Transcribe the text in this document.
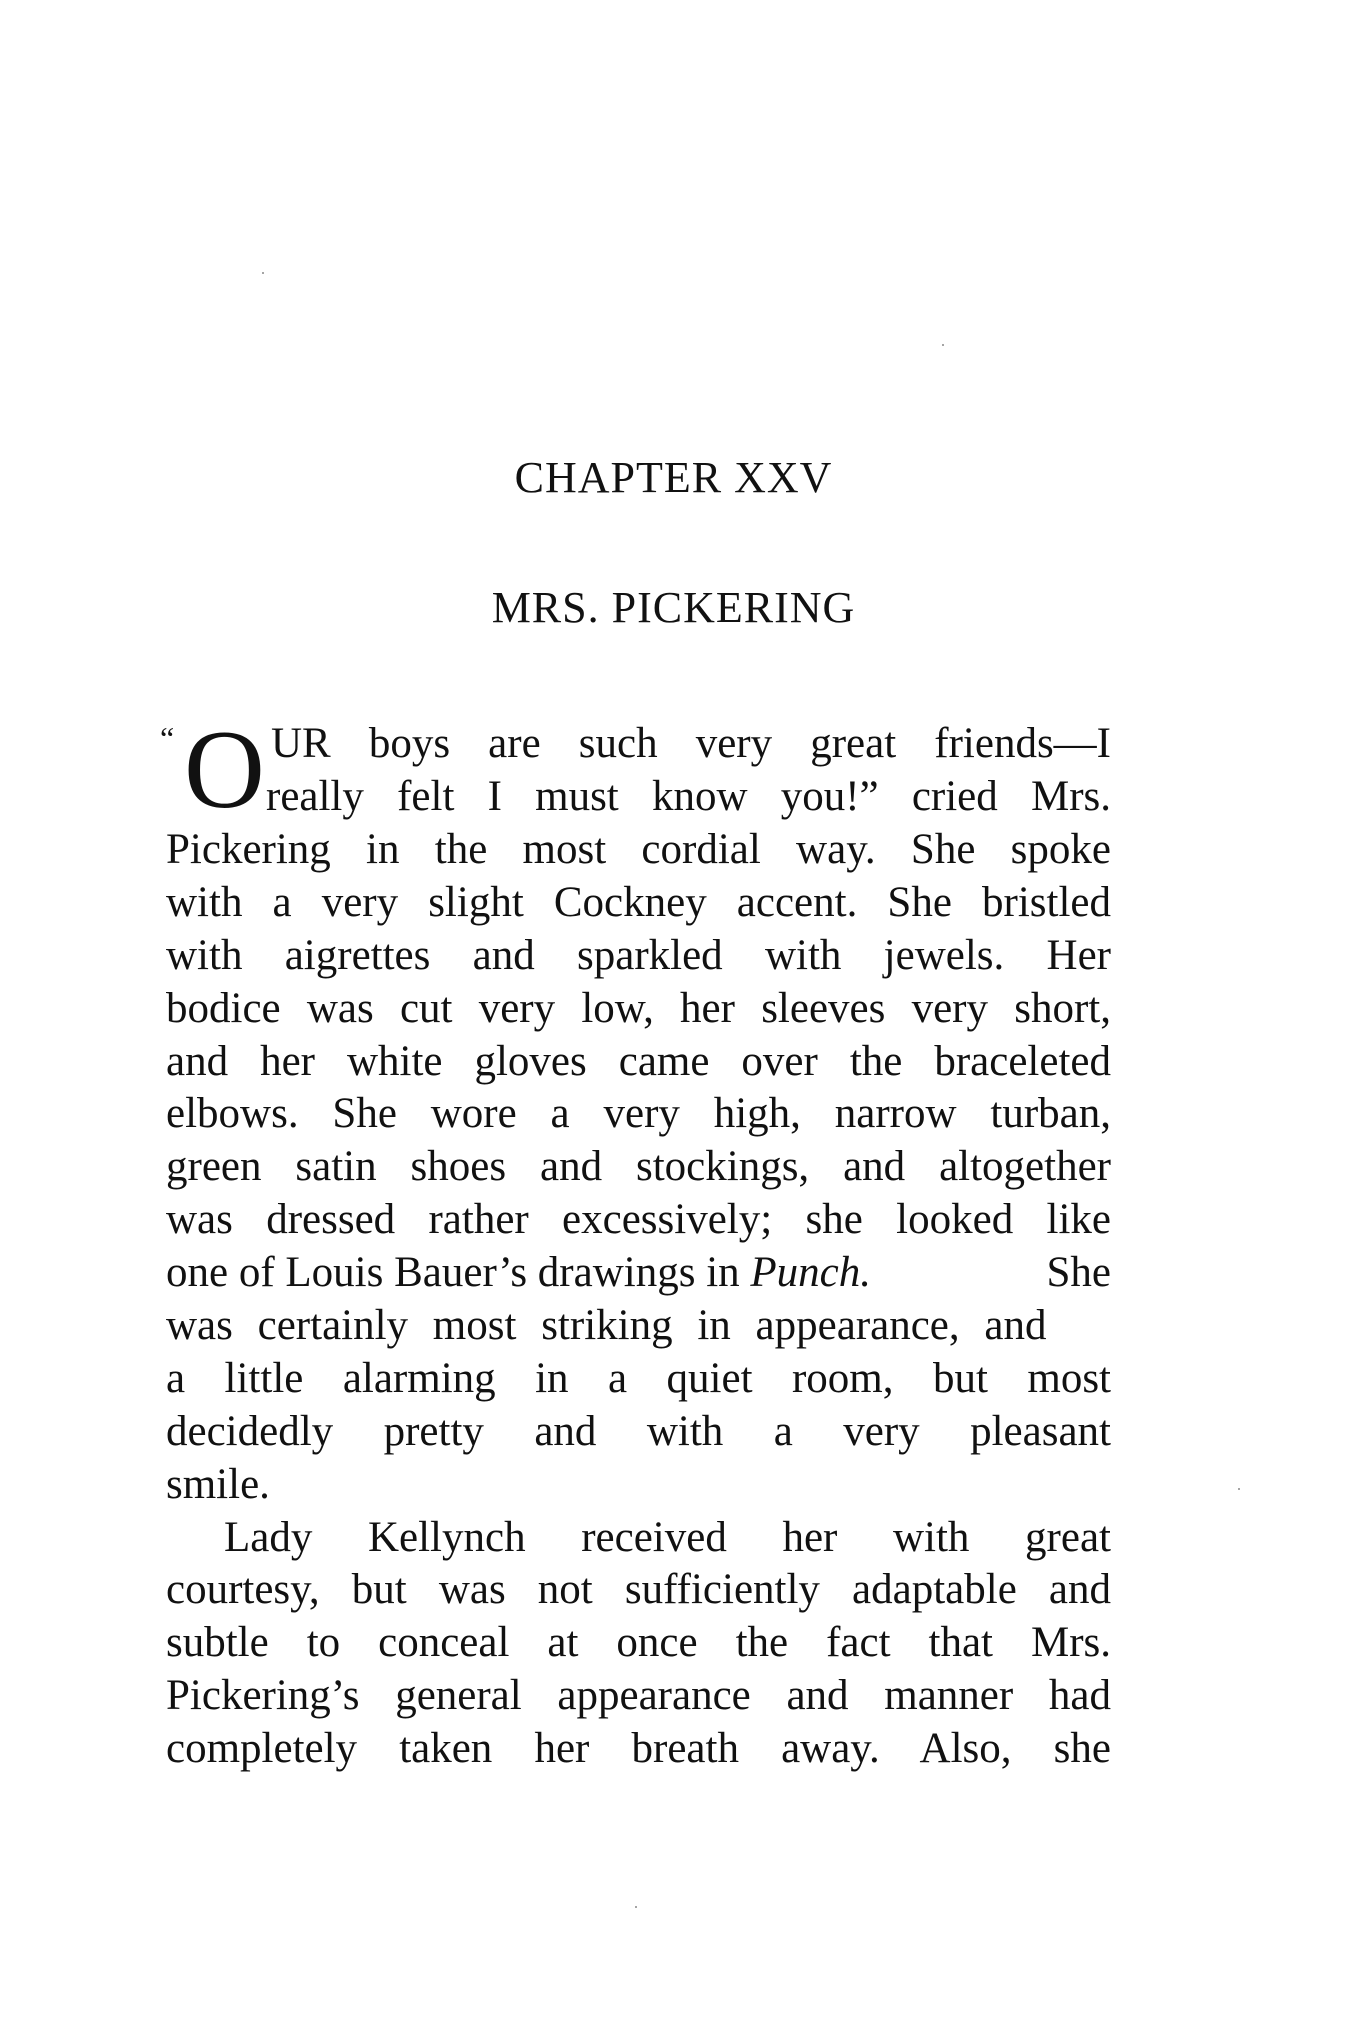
CHAPTER XXV
MRS. PICKERING
“ O UR boys are such very great friends—I
really felt I must know you!” cried Mrs.
Pickering in the most cordial way. She spoke
with a very slight Cockney accent. She bristled
with aigrettes and sparkled with jewels. Her
bodice was cut very low, her sleeves very short,
and her white gloves came over the braceleted
elbows. She wore a very high, narrow turban,
green satin shoes and stockings, and altogether
was dressed rather excessively; she looked like
one of Louis Bauer’s drawings in Punch.	She
was certainly most striking in appearance, and
a little alarming in a quiet room, but most
decidedly pretty and with a very pleasant
smile.
Lady Kellynch received her with great
courtesy, but was not sufficiently adaptable and
subtle to conceal at once the fact that Mrs.
Pickering’s general appearance and manner had
completely taken her breath away. Also, she
